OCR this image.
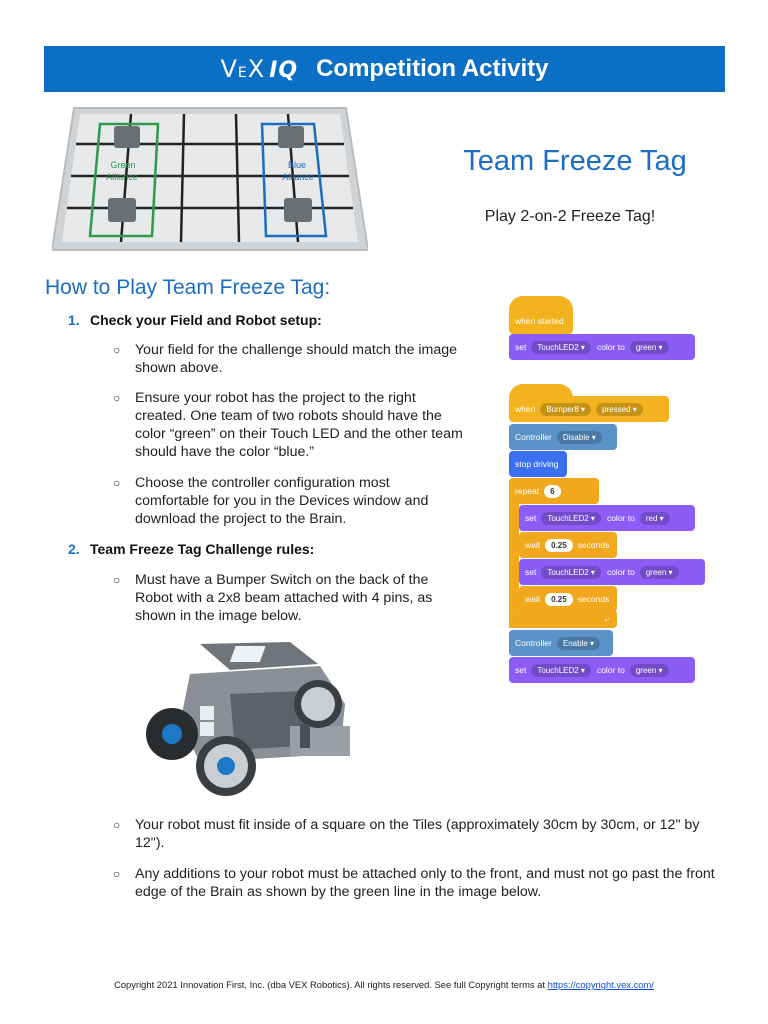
V E X IQ Competition Activity
Green
Alliance
Blue
Alliance	Team Freeze Tag
Play 2-on-2 Freeze Tag!
How to Play Team Freeze Tag:
1. Check your Field and Robot setup:
○ Your field for the challenge should match the image shown above.
○ Ensure your robot has the project to the right created. One team of two robots should have the color “green” on their Touch LED and the other team should have the color “blue.”
○ Choose the controller configuration most comfortable for you in the Devices window and download the project to the Brain.
2. Team Freeze Tag Challenge rules:
○ Must have a Bumper Switch on the back of the Robot with a 2x8 beam attached with 4 pins, as shown in the image below.
○ Your robot must fit inside of a square on the Tiles (approximately 30cm by 30cm, or 12" by 12").
○ Any additions to your robot must be attached only to the front, and must not go past the front edge of the Brain as shown by the green line in the image below.
when started
set	TouchLED2 ▾	color to	green ▾
when	Bumper8 ▾	pressed ▾
Controller	Disable ▾
stop driving
repeat	6
set	TouchLED2 ▾	color to	red ▾
wait	0.25	seconds
set	TouchLED2 ▾	color to	green ▾
wait	0.25	seconds
⤶
Controller	Enable ▾
set	TouchLED2 ▾	color to	green ▾
Copyright 2021 Innovation First, Inc. (dba VEX Robotics). All rights reserved. See full Copyright terms at https://copyright.vex.com/
